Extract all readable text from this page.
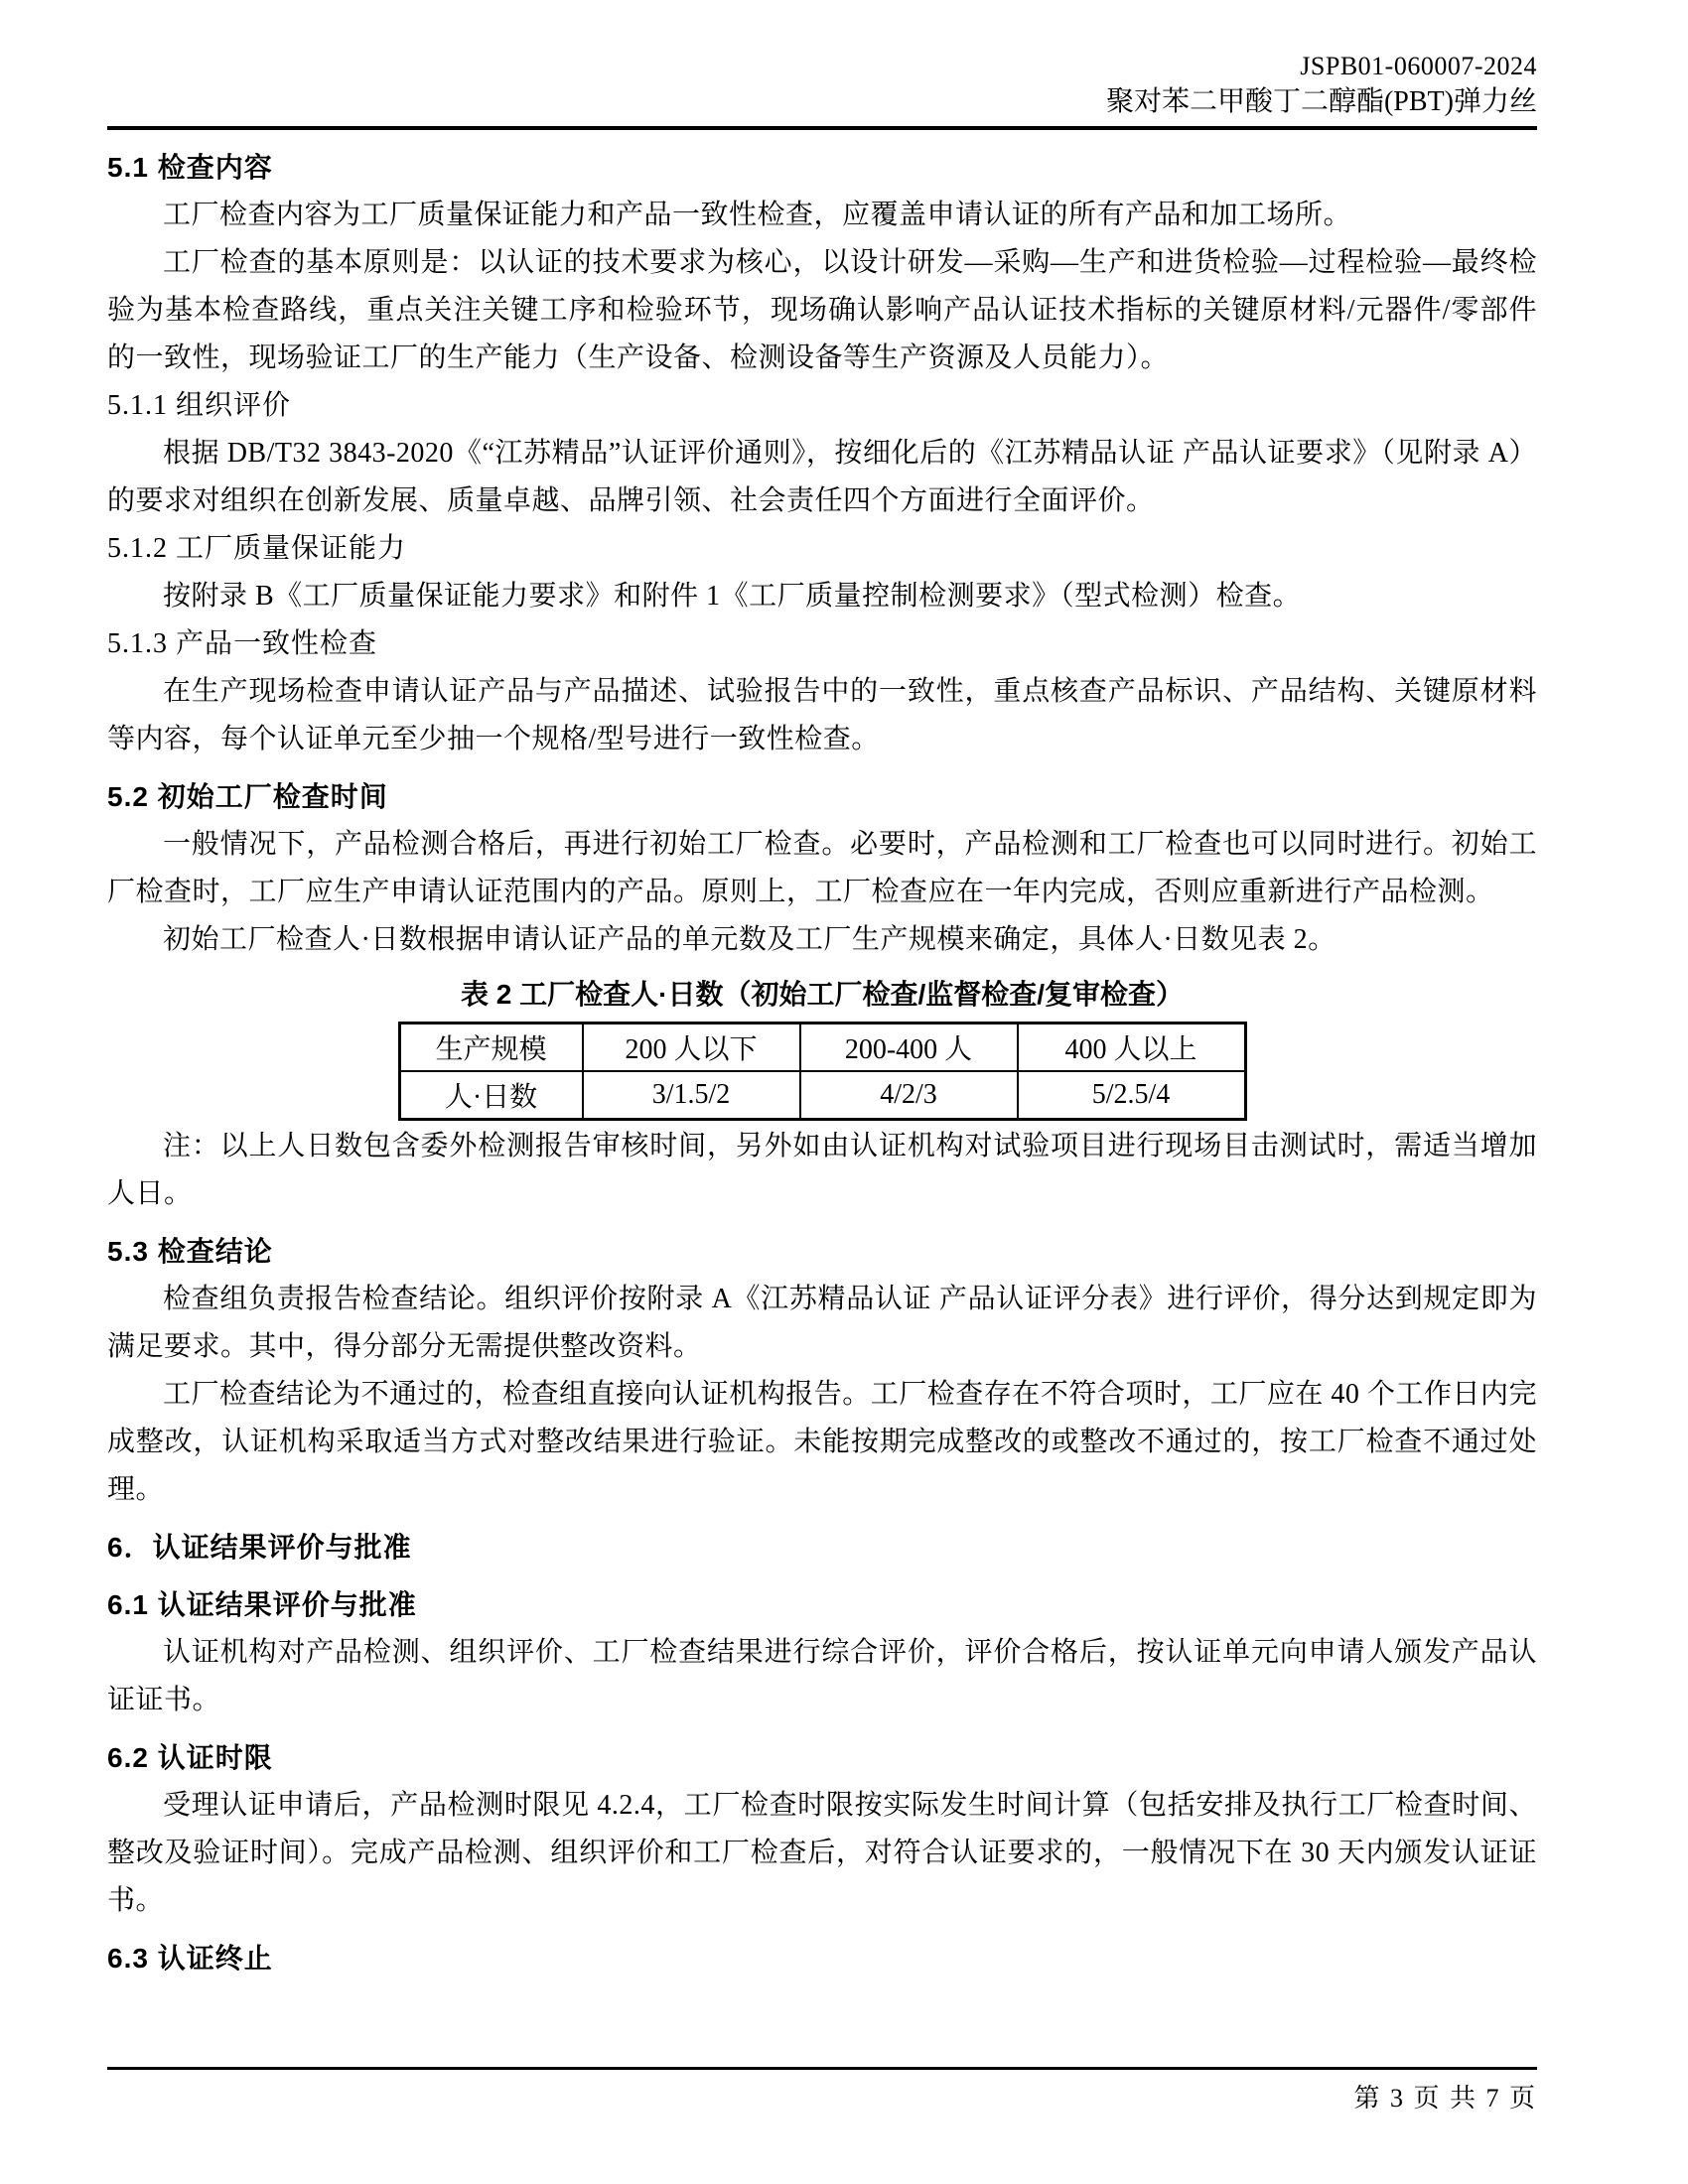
JSPB01-060007-2024
聚对苯二甲酸丁二醇酯(PBT)弹力丝

5.1 检查内容

工厂检查内容为工厂质量保证能力和产品一致性检查，应覆盖申请认证的所有产品和加工场所。

工厂检查的基本原则是：以认证的技术要求为核心，以设计研发—采购—生产和进货检验—过程检验—最终检验为基本检查路线，重点关注关键工序和检验环节，现场确认影响产品认证技术指标的关键原材料/元器件/零部件的一致性，现场验证工厂的生产能力（生产设备、检测设备等生产资源及人员能力）。

5.1.1 组织评价

根据 DB/T32 3843-2020《“江苏精品”认证评价通则》，按细化后的《江苏精品认证 产品认证要求》（见附录 A）的要求对组织在创新发展、质量卓越、品牌引领、社会责任四个方面进行全面评价。

5.1.2 工厂质量保证能力

按附录 B《工厂质量保证能力要求》和附件 1《工厂质量控制检测要求》（型式检测）检查。

5.1.3 产品一致性检查

在生产现场检查申请认证产品与产品描述、试验报告中的一致性，重点核查产品标识、产品结构、关键原材料等内容，每个认证单元至少抽一个规格/型号进行一致性检查。

5.2 初始工厂检查时间

一般情况下，产品检测合格后，再进行初始工厂检查。必要时，产品检测和工厂检查也可以同时进行。初始工厂检查时，工厂应生产申请认证范围内的产品。原则上，工厂检查应在一年内完成，否则应重新进行产品检测。

初始工厂检查人·日数根据申请认证产品的单元数及工厂生产规模来确定，具体人·日数见表 2。

表 2 工厂检查人·日数（初始工厂检查/监督检查/复审检查）

生产规模	200 人以下	200-400 人	400 人以上
人·日数	3/1.5/2	4/2/3	5/2.5/4

注：以上人日数包含委外检测报告审核时间，另外如由认证机构对试验项目进行现场目击测试时，需适当增加人日。

5.3 检查结论

检查组负责报告检查结论。组织评价按附录 A《江苏精品认证 产品认证评分表》进行评价，得分达到规定即为满足要求。其中，得分部分无需提供整改资料。

工厂检查结论为不通过的，检查组直接向认证机构报告。工厂检查存在不符合项时，工厂应在 40 个工作日内完成整改，认证机构采取适当方式对整改结果进行验证。未能按期完成整改的或整改不通过的，按工厂检查不通过处理。

6．认证结果评价与批准

6.1 认证结果评价与批准

认证机构对产品检测、组织评价、工厂检查结果进行综合评价，评价合格后，按认证单元向申请人颁发产品认证证书。

6.2 认证时限

受理认证申请后，产品检测时限见 4.2.4，工厂检查时限按实际发生时间计算（包括安排及执行工厂检查时间、整改及验证时间）。完成产品检测、组织评价和工厂检查后，对符合认证要求的，一般情况下在 30 天内颁发认证证书。

6.3 认证终止

第 3 页 共 7 页
